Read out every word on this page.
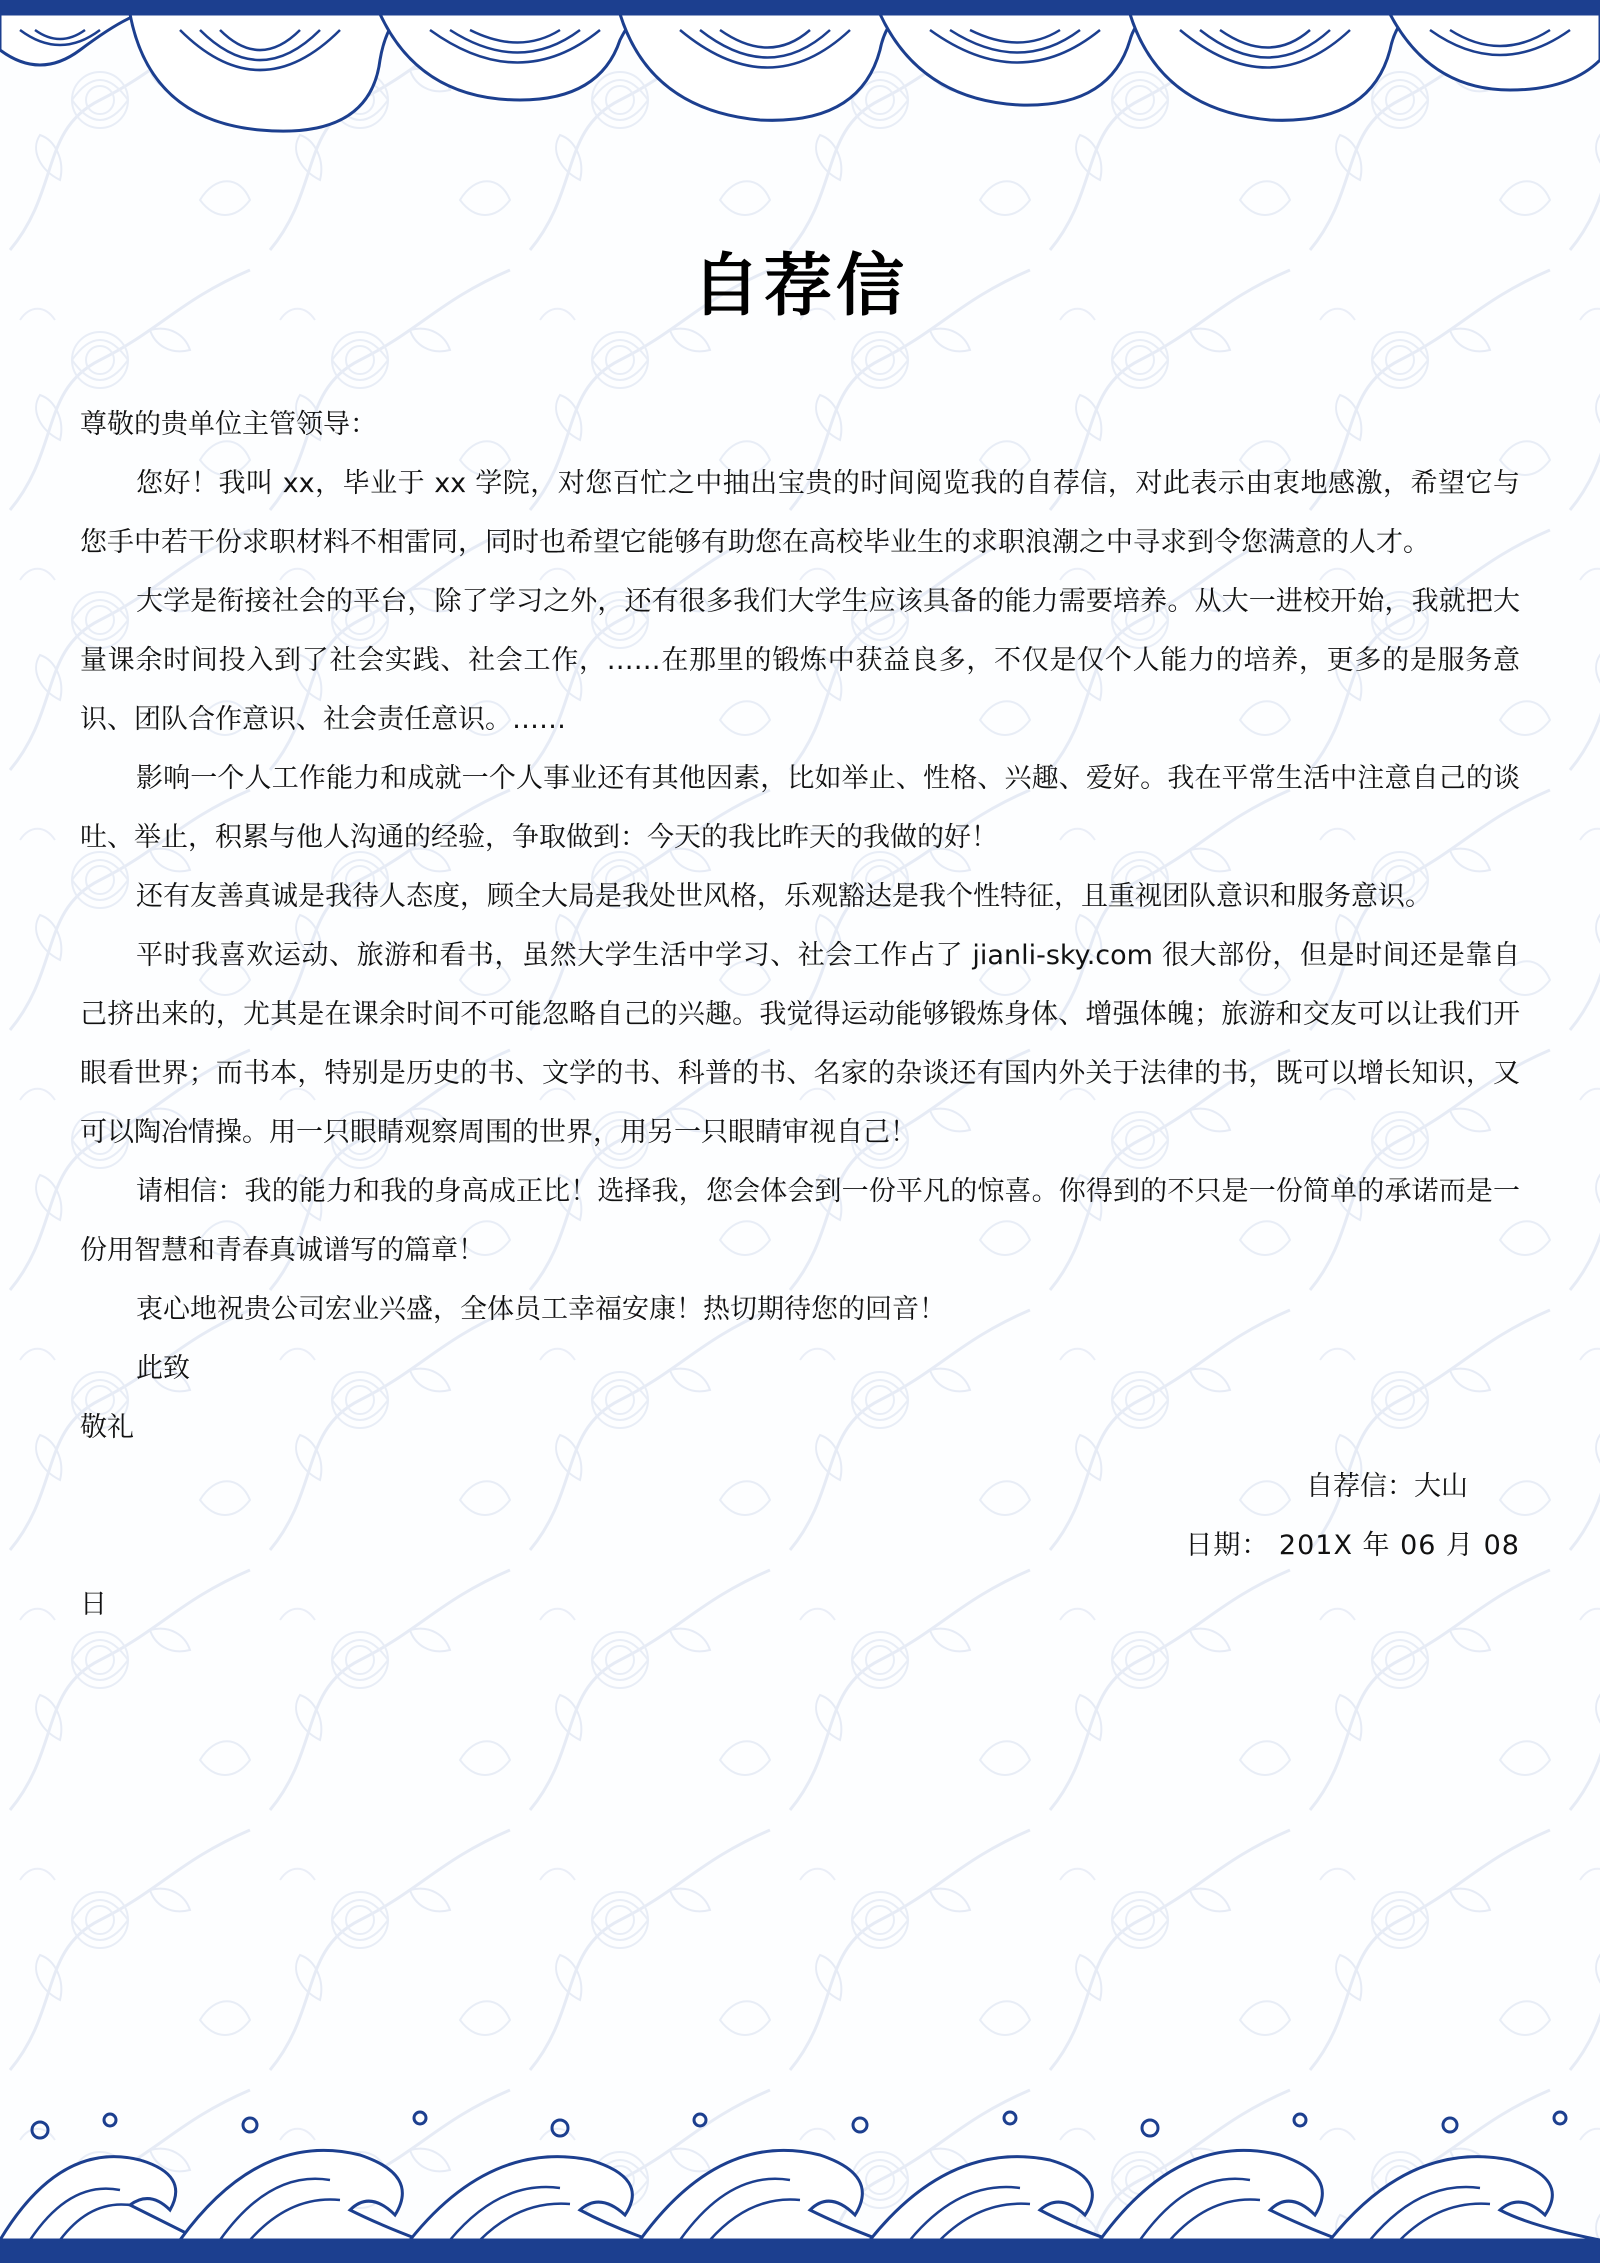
自荐信

尊敬的贵单位主管领导：

您好！我叫 xx，毕业于 xx 学院，对您百忙之中抽出宝贵的时间阅览我的自荐信，对此表示由衷地感激，希望它与您手中若干份求职材料不相雷同，同时也希望它能够有助您在高校毕业生的求职浪潮之中寻求到令您满意的人才。

大学是衔接社会的平台，除了学习之外，还有很多我们大学生应该具备的能力需要培养。从大一进校开始，我就把大量课余时间投入到了社会实践、社会工作，……在那里的锻炼中获益良多，不仅是仅个人能力的培养，更多的是服务意识、团队合作意识、社会责任意识。……

影响一个人工作能力和成就一个人事业还有其他因素，比如举止、性格、兴趣、爱好。我在平常生活中注意自己的谈吐、举止，积累与他人沟通的经验，争取做到：今天的我比昨天的我做的好！

还有友善真诚是我待人态度，顾全大局是我处世风格，乐观豁达是我个性特征，且重视团队意识和服务意识。

平时我喜欢运动、旅游和看书，虽然大学生活中学习、社会工作占了 jianli-sky.com 很大部份，但是时间还是靠自己挤出来的，尤其是在课余时间不可能忽略自己的兴趣。我觉得运动能够锻炼身体、增强体魄；旅游和交友可以让我们开眼看世界；而书本，特别是历史的书、文学的书、科普的书、名家的杂谈还有国内外关于法律的书，既可以增长知识，又可以陶冶情操。用一只眼睛观察周围的世界，用另一只眼睛审视自己！

请相信：我的能力和我的身高成正比！选择我，您会体会到一份平凡的惊喜。你得到的不只是一份简单的承诺而是一份用智慧和青春真诚谱写的篇章！

衷心地祝贵公司宏业兴盛，全体员工幸福安康！热切期待您的回音！

此致

敬礼

自荐信：大山

日期： 201X 年 06 月 08

日
